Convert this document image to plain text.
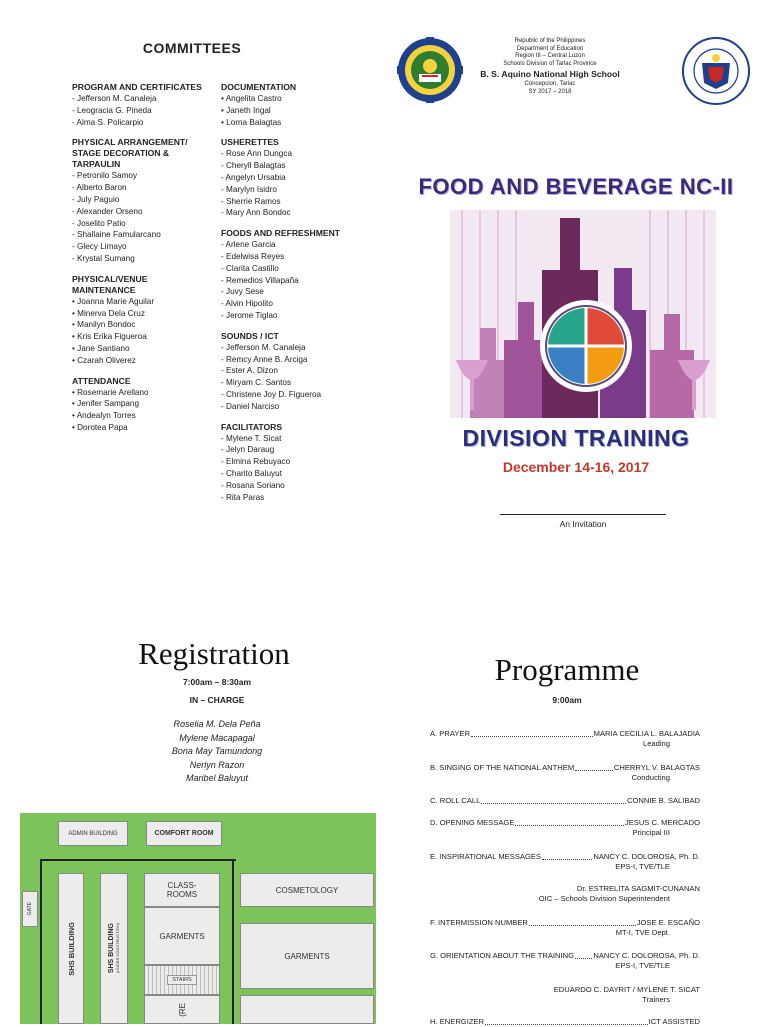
COMMITTEES
PROGRAM AND CERTIFICATES
- Jefferson M. Canaleja
- Leogracia G. Pineda
- Alma S. Policarpio
PHYSICAL ARRANGEMENT/ STAGE DECORATION & TARPAULIN
- Petronilo Samoy
- Alberto Baron
- July Paguio
- Alexander Orseno
- Joselito Patio
- Shallaine Famularcano
- Glecy Limayo
- Krystal Sumang
PHYSICAL/VENUE MAINTENANCE
• Joanna Marie Aguilar
• Minerva Dela Cruz
• Manilyn Bondoc
• Kris Erika Figueroa
• Jane Santiano
• Czarah Oliverez
ATTENDANCE
• Rosemarie Arellano
• Jenifer Sampang
• Andealyn Torres
• Dorotea Papa
DOCUMENTATION
• Angelita Castro
• Janeth Ingal
• Lorna Balagtas
USHERETTES
- Rose Ann Dungca
- Cheryll Balagtas
- Angelyn Ursabia
- Marylyn Isidro
- Sherrie Ramos
- Mary Ann Bondoc
FOODS AND REFRESHMENT
- Arlene Garcia
- Edelwisa Reyes
- Clarita Castillo
- Remedios Villapaña
- Juvy Sese
- Alvin Hipolito
- Jerome Tiglao
SOUNDS / ICT
- Jefferson M. Canaleja
- Remcy Anne B. Arciga
- Ester A. Dizon
- Miryam C. Santos
- Christene Joy D. Figueroa
- Daniel Narciso
FACILITATORS
- Mylene T. Sicat
- Jelyn Daraug
- Elmina Rebuyaco
- Charito Baluyut
- Rosana Soriano
- Rita Paras
Republic of the Philippines
Department of Education
Region III – Central Luzon
Schools Division of Tarlac Province
B. S. Aquino National High School
Concepcion, Tarlac
SY 2017 – 2018
FOOD AND BEVERAGE NC-II
DIVISION TRAINING
December 14-16, 2017
An Invitation
Registration
7:00am – 8:30am
IN – CHARGE
Roselia M. Dela Peña
Mylene Macapagal
Bona May Tamundong
Nerlyn Razon
Maribel Baluyut
ADMIN BUILDING	COMFORT ROOM
GATE
SHS BUILDING	SHS BUILDING (UNDER CONSTRUCTION)
CLASS-ROOMS
GARMENTS
STAIRS
(RE
COSMETOLOGY
GARMENTS
Programme
9:00am
A. PRAYER	MARIA CECILIA L. BALAJADIA
Leading
B. SINGING OF THE NATIONAL ANTHEM	CHERRYL V. BALAGTAS
Conducting
C. ROLL CALL	CONNIE B. SALIBAD
D. OPENING MESSAGE	JESUS C. MERCADO
Principal III
E. INSPIRATIONAL MESSAGES	NANCY C. DOLOROSA, Ph. D.
EPS-I, TVE/TLE
Dr. ESTRELITA SAGMIT-CUNANAN
OIC – Schools Division Superintendent
F. INTERMISSION NUMBER	JOSE E. ESCAÑO
MT-I, TVE Dept.
G. ORIENTATION ABOUT THE TRAINING	NANCY C. DOLOROSA, Ph. D.
EPS-I, TVE/TLE
EDUARDO C. DAYRIT / MYLENE T. SICAT
Trainers
H. ENERGIZER	ICT ASSISTED
